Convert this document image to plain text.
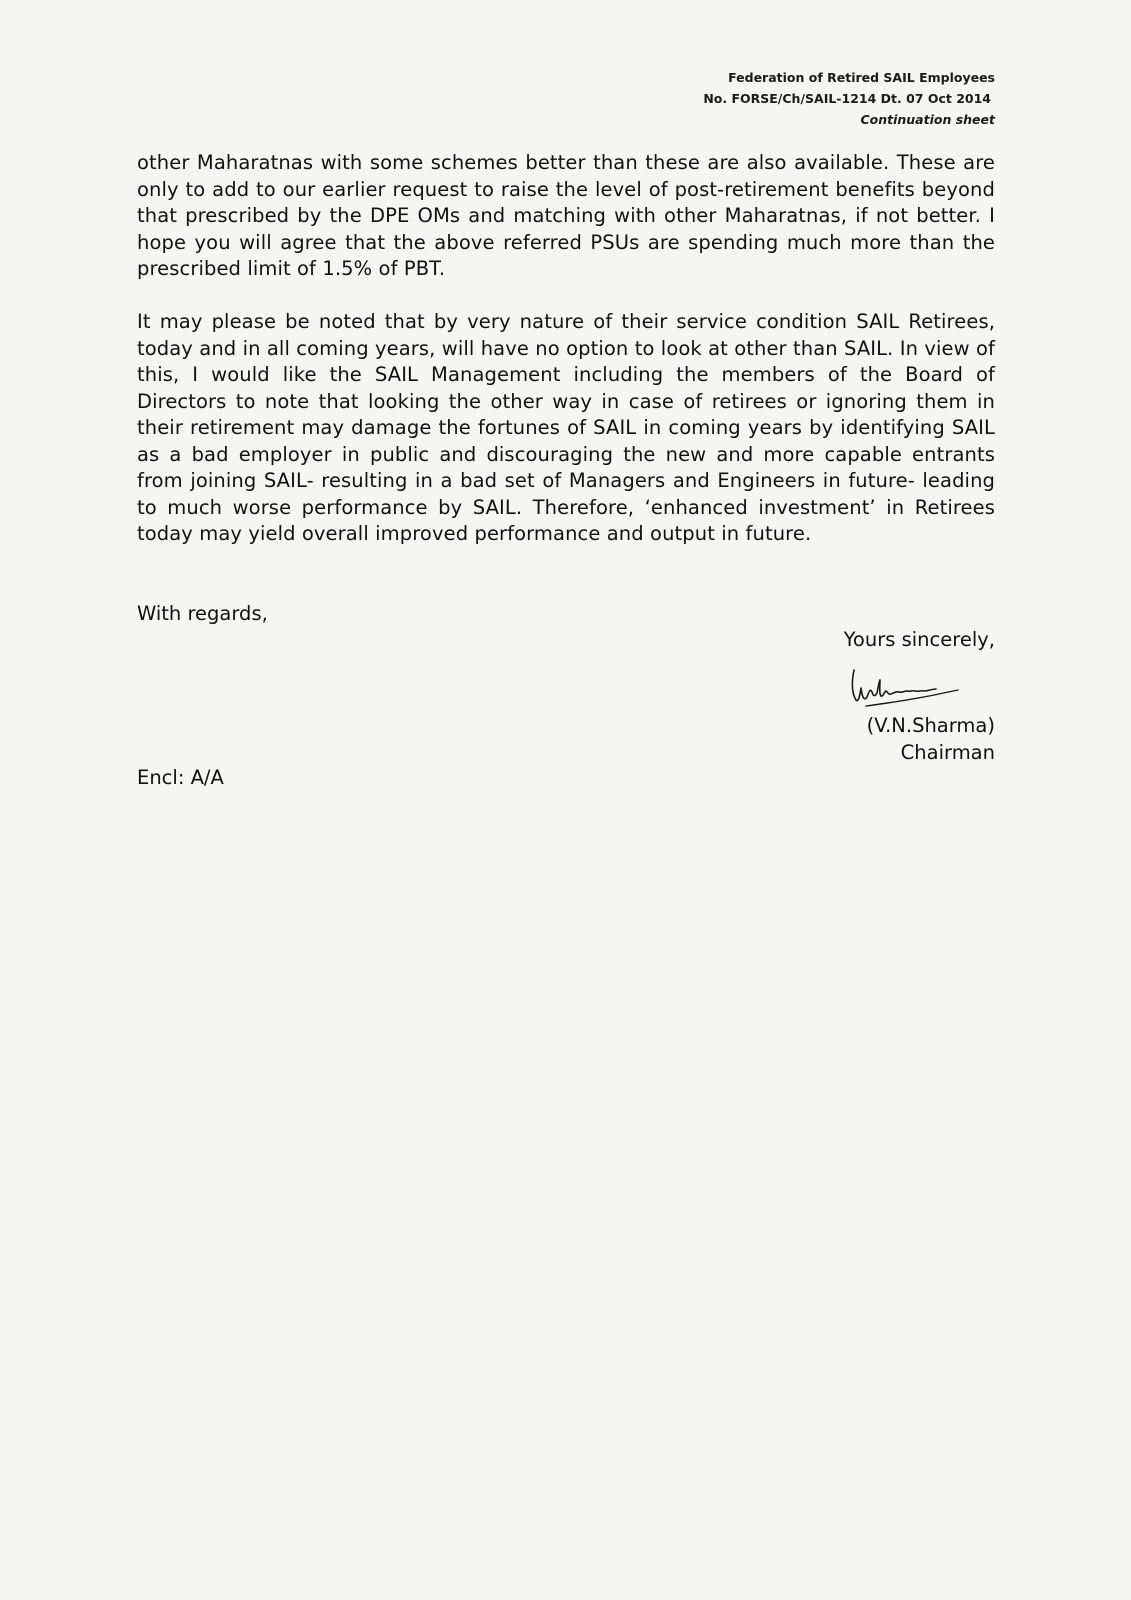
Federation of Retired SAIL Employees
No. FORSE/Ch/SAIL-1214 Dt. 07 Oct 2014
Continuation sheet

other Maharatnas with some schemes better than these are also available. These are only to add to our earlier request to raise the level of post-retirement benefits beyond that prescribed by the DPE OMs and matching with other Maharatnas, if not better. I hope you will agree that the above referred PSUs are spending much more than the prescribed limit of 1.5% of PBT.

It may please be noted that by very nature of their service condition SAIL Retirees, today and in all coming years, will have no option to look at other than SAIL. In view of this, I would like the SAIL Management including the members of the Board of Directors to note that looking the other way in case of retirees or ignoring them in their retirement may damage the fortunes of SAIL in coming years by identifying SAIL as a bad employer in public and discouraging the new and more capable entrants from joining SAIL- resulting in a bad set of Managers and Engineers in future- leading to much worse performance by SAIL. Therefore, ‘enhanced investment’ in Retirees today may yield overall improved performance and output in future.

With regards,

Yours sincerely,

(V.N.Sharma)
Chairman

Encl: A/A
